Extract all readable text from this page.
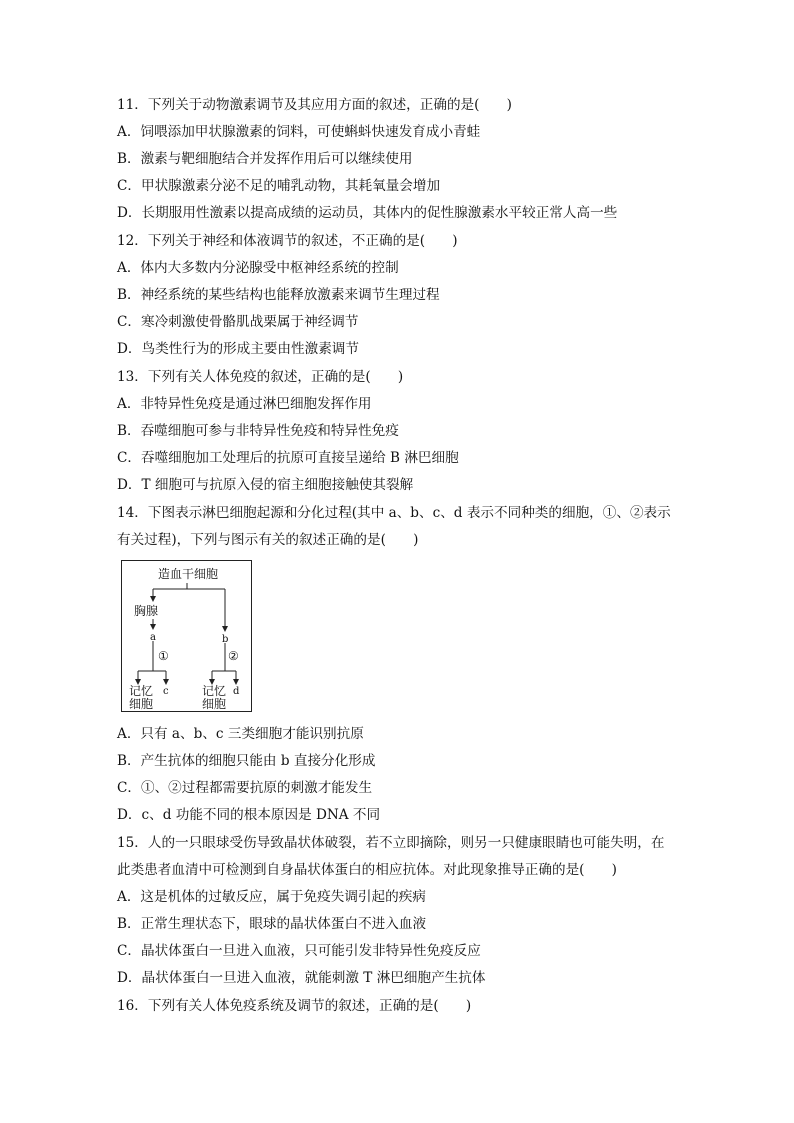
11．下列关于动物激素调节及其应用方面的叙述，正确的是(　　)
A．饲喂添加甲状腺激素的饲料，可使蝌蚪快速发育成小青蛙
B．激素与靶细胞结合并发挥作用后可以继续使用
C．甲状腺激素分泌不足的哺乳动物，其耗氧量会增加
D．长期服用性激素以提高成绩的运动员，其体内的促性腺激素水平较正常人高一些
12．下列关于神经和体液调节的叙述，不正确的是(　　)
A．体内大多数内分泌腺受中枢神经系统的控制
B．神经系统的某些结构也能释放激素来调节生理过程
C．寒冷刺激使骨骼肌战栗属于神经调节
D．鸟类性行为的形成主要由性激素调节
13．下列有关人体免疫的叙述，正确的是(　　)
A．非特异性免疫是通过淋巴细胞发挥作用
B．吞噬细胞可参与非特异性免疫和特异性免疫
C．吞噬细胞加工处理后的抗原可直接呈递给 B 淋巴细胞
D．T 细胞可与抗原入侵的宿主细胞接触使其裂解
14．下图表示淋巴细胞起源和分化过程(其中 a、b、c、d 表示不同种类的细胞，①、②表示
有关过程)，下列与图示有关的叙述正确的是(　　)
造血干细胞
胸腺
a	b
①	②
记忆
细胞
c	记忆
细胞
d
A．只有 a、b、c 三类细胞才能识别抗原
B．产生抗体的细胞只能由 b 直接分化形成
C．①、②过程都需要抗原的刺激才能发生
D．c、d 功能不同的根本原因是 DNA 不同
15．人的一只眼球受伤导致晶状体破裂，若不立即摘除，则另一只健康眼睛也可能失明，在
此类患者血清中可检测到自身晶状体蛋白的相应抗体。对此现象推导正确的是(　　)
A．这是机体的过敏反应，属于免疫失调引起的疾病
B．正常生理状态下，眼球的晶状体蛋白不进入血液
C．晶状体蛋白一旦进入血液，只可能引发非特异性免疫反应
D．晶状体蛋白一旦进入血液，就能刺激 T 淋巴细胞产生抗体
16．下列有关人体免疫系统及调节的叙述，正确的是(　　)
